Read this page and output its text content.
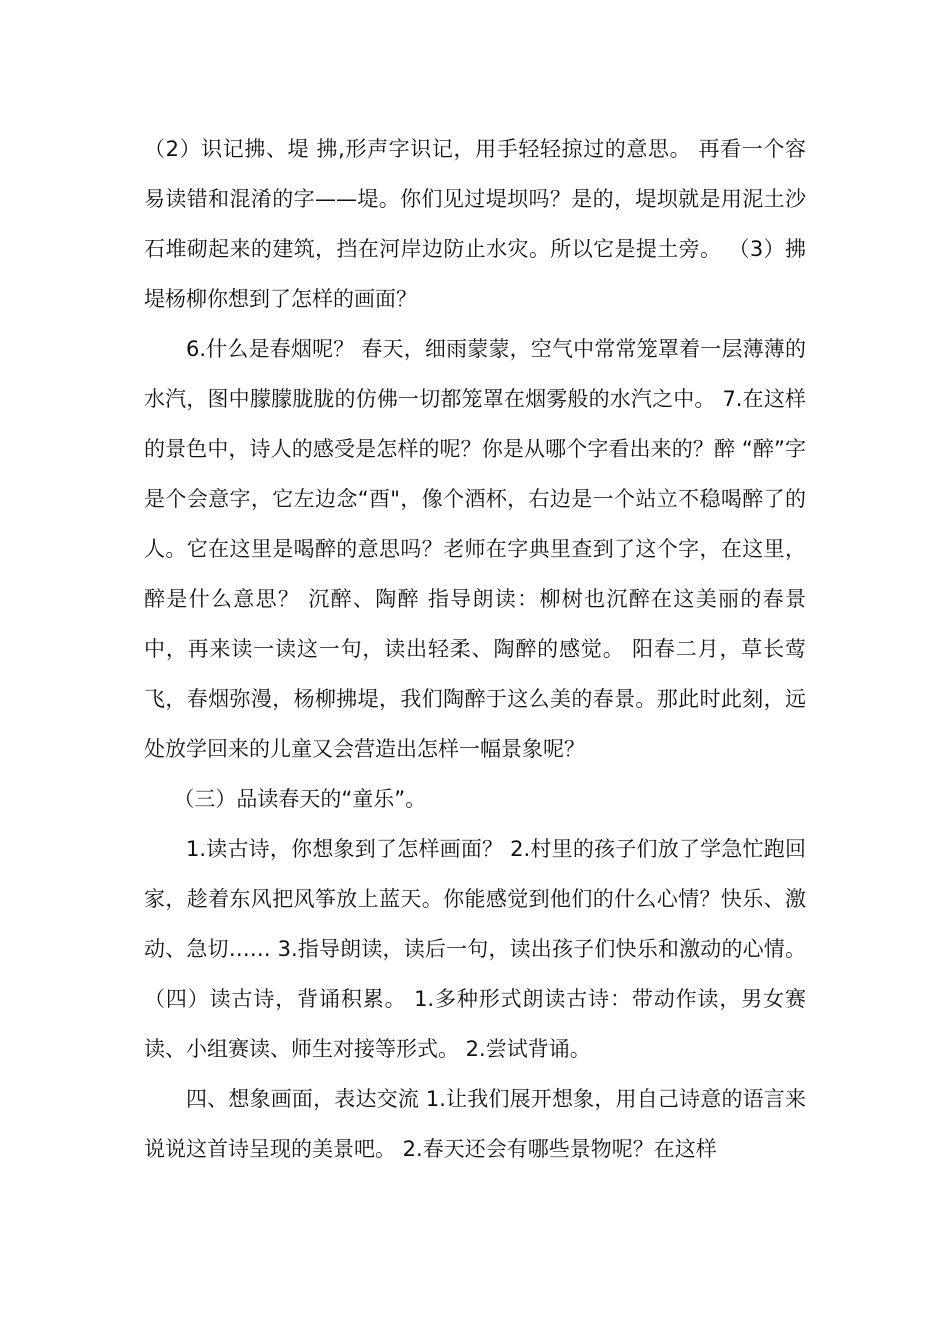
（2）识记拂、堤 拂,形声字识记，用手轻轻掠过的意思。 再看一个容易读错和混淆的字——堤。你们见过堤坝吗？是的，堤坝就是用泥土沙石堆砌起来的建筑，挡在河岸边防止水灾。所以它是提土旁。 （3）拂堤杨柳你想到了怎样的画面？

6.什么是春烟呢？ 春天，细雨蒙蒙，空气中常常笼罩着一层薄薄的水汽，图中朦朦胧胧的仿佛一切都笼罩在烟雾般的水汽之中。 7.在这样的景色中，诗人的感受是怎样的呢？你是从哪个字看出来的？醉 “醉”字是个会意字，它左边念“酉"，像个酒杯，右边是一个站立不稳喝醉了的人。它在这里是喝醉的意思吗？老师在字典里查到了这个字，在这里，醉是什么意思？ 沉醉、陶醉 指导朗读：柳树也沉醉在这美丽的春景中，再来读一读这一句，读出轻柔、陶醉的感觉。 阳春二月，草长莺飞，春烟弥漫，杨柳拂堤，我们陶醉于这么美的春景。那此时此刻，远处放学回来的儿童又会营造出怎样一幅景象呢？

（三）品读春天的“童乐”。

1.读古诗，你想象到了怎样画面？ 2.村里的孩子们放了学急忙跑回家，趁着东风把风筝放上蓝天。你能感觉到他们的什么心情？快乐、激动、急切…… 3.指导朗读，读后一句，读出孩子们快乐和激动的心情。 （四）读古诗，背诵积累。 1.多种形式朗读古诗：带动作读，男女赛读、小组赛读、师生对接等形式。 2.尝试背诵。

四、想象画面，表达交流 1.让我们展开想象，用自己诗意的语言来说说这首诗呈现的美景吧。 2.春天还会有哪些景物呢？在这样
